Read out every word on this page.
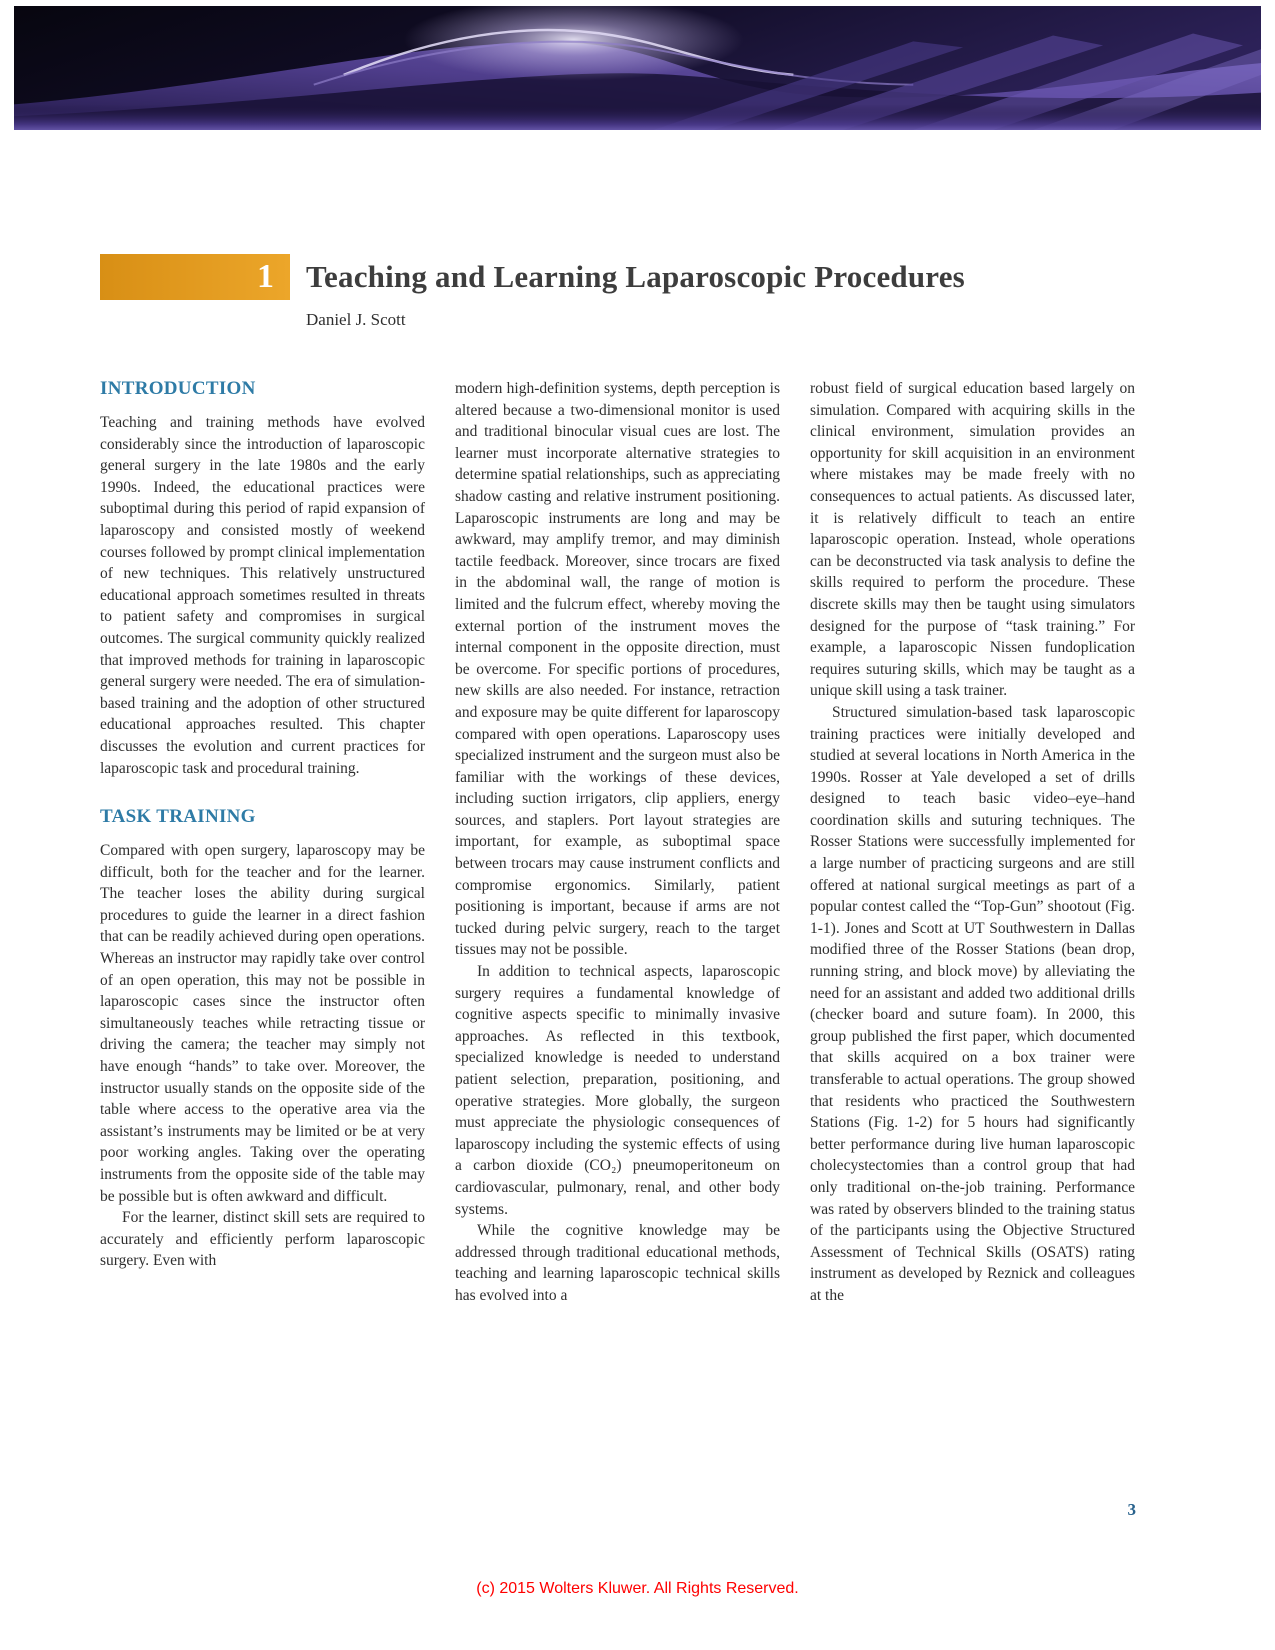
1	Teaching and Learning Laparoscopic Procedures
Daniel J. Scott
INTRODUCTION

Teaching and training methods have evolved considerably since the introduction of laparoscopic general surgery in the late 1980s and the early 1990s. Indeed, the educational practices were suboptimal during this period of rapid expansion of laparoscopy and consisted mostly of weekend courses followed by prompt clinical implementation of new techniques. This relatively unstructured educational approach sometimes resulted in threats to patient safety and compromises in surgical outcomes. The surgical community quickly realized that improved methods for training in laparoscopic general surgery were needed. The era of simulation-based training and the adoption of other structured educational approaches resulted. This chapter discusses the evolution and current practices for laparoscopic task and procedural training.

TASK TRAINING

Compared with open surgery, laparoscopy may be difficult, both for the teacher and for the learner. The teacher loses the ability during surgical procedures to guide the learner in a direct fashion that can be readily achieved during open operations. Whereas an instructor may rapidly take over control of an open operation, this may not be possible in laparoscopic cases since the instructor often simultaneously teaches while retracting tissue or driving the camera; the teacher may simply not have enough “hands” to take over. Moreover, the instructor usually stands on the opposite side of the table where access to the operative area via the assistant’s instruments may be limited or be at very poor working angles. Taking over the operating instruments from the opposite side of the table may be possible but is often awkward and difficult.

For the learner, distinct skill sets are required to accurately and efficiently perform laparoscopic surgery. Even with

modern high-definition systems, depth perception is altered because a two-dimensional monitor is used and traditional binocular visual cues are lost. The learner must incorporate alternative strategies to determine spatial relationships, such as appreciating shadow casting and relative instrument positioning. Laparoscopic instruments are long and may be awkward, may amplify tremor, and may diminish tactile feedback. Moreover, since trocars are fixed in the abdominal wall, the range of motion is limited and the fulcrum effect, whereby moving the external portion of the instrument moves the internal component in the opposite direction, must be overcome. For specific portions of procedures, new skills are also needed. For instance, retraction and exposure may be quite different for laparoscopy compared with open operations. Laparoscopy uses specialized instrument and the surgeon must also be familiar with the workings of these devices, including suction irrigators, clip appliers, energy sources, and staplers. Port layout strategies are important, for example, as suboptimal space between trocars may cause instrument conflicts and compromise ergonomics. Similarly, patient positioning is important, because if arms are not tucked during pelvic surgery, reach to the target tissues may not be possible.

In addition to technical aspects, laparoscopic surgery requires a fundamental knowledge of cognitive aspects specific to minimally invasive approaches. As reflected in this textbook, specialized knowledge is needed to understand patient selection, preparation, positioning, and operative strategies. More globally, the surgeon must appreciate the physiologic consequences of laparoscopy including the systemic effects of using a carbon dioxide (CO₂) pneumoperitoneum on cardiovascular, pulmonary, renal, and other body systems.

While the cognitive knowledge may be addressed through traditional educational methods, teaching and learning laparoscopic technical skills has evolved into a

robust field of surgical education based largely on simulation. Compared with acquiring skills in the clinical environment, simulation provides an opportunity for skill acquisition in an environment where mistakes may be made freely with no consequences to actual patients. As discussed later, it is relatively difficult to teach an entire laparoscopic operation. Instead, whole operations can be deconstructed via task analysis to define the skills required to perform the procedure. These discrete skills may then be taught using simulators designed for the purpose of “task training.” For example, a laparoscopic Nissen fundoplication requires suturing skills, which may be taught as a unique skill using a task trainer.

Structured simulation-based task laparoscopic training practices were initially developed and studied at several locations in North America in the 1990s. Rosser at Yale developed a set of drills designed to teach basic video–eye–hand coordination skills and suturing techniques. The Rosser Stations were successfully implemented for a large number of practicing surgeons and are still offered at national surgical meetings as part of a popular contest called the “Top-Gun” shootout (Fig. 1-1). Jones and Scott at UT Southwestern in Dallas modified three of the Rosser Stations (bean drop, running string, and block move) by alleviating the need for an assistant and added two additional drills (checker board and suture foam). In 2000, this group published the first paper, which documented that skills acquired on a box trainer were transferable to actual operations. The group showed that residents who practiced the Southwestern Stations (Fig. 1-2) for 5 hours had significantly better performance during live human laparoscopic cholecystectomies than a control group that had only traditional on-the-job training. Performance was rated by observers blinded to the training status of the participants using the Objective Structured Assessment of Technical Skills (OSATS) rating instrument as developed by Reznick and colleagues at the

3
(c) 2015 Wolters Kluwer. All Rights Reserved.
